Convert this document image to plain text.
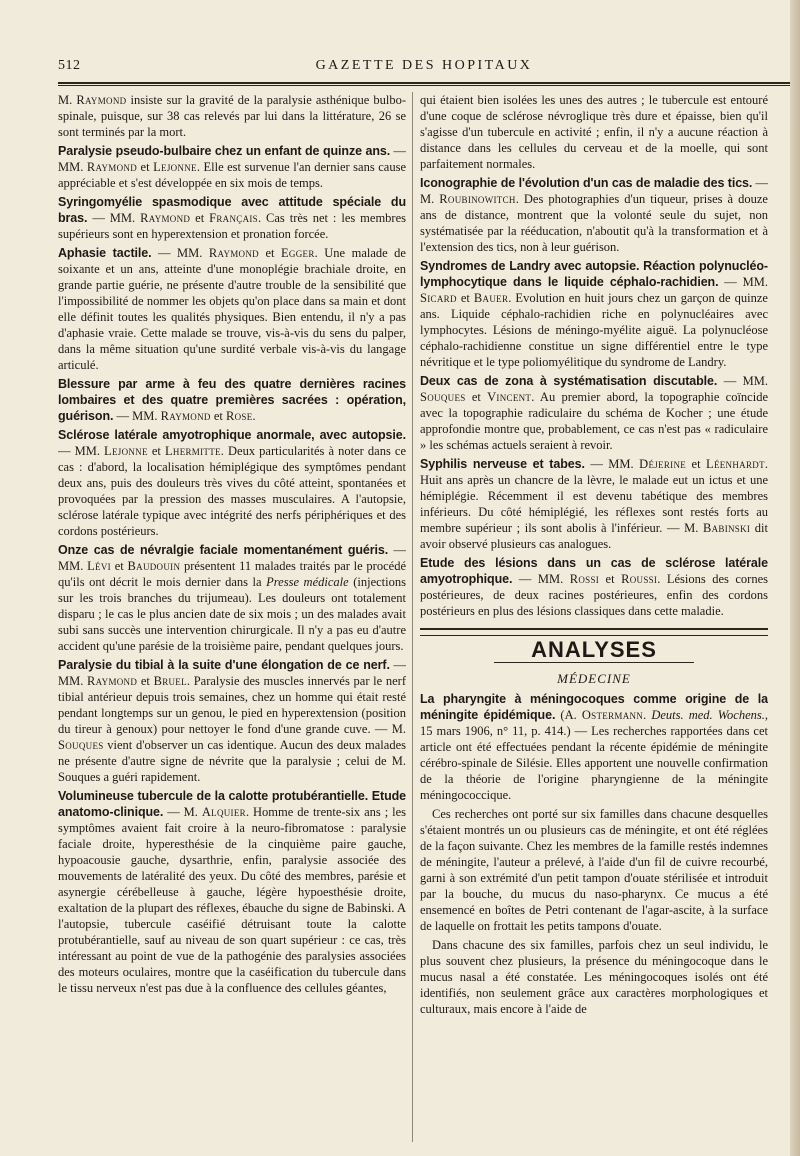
512	GAZETTE DES HOPITAUX

M. Raymond insiste sur la gravité de la paralysie asthénique bulbo-spinale, puisque, sur 38 cas relevés par lui dans la littérature, 26 se sont terminés par la mort.

Paralysie pseudo-bulbaire chez un enfant de quinze ans. — MM. Raymond et Lejonne. Elle est survenue l'an dernier sans cause appréciable et s'est développée en six mois de temps.

Syringomyélie spasmodique avec attitude spéciale du bras. — MM. Raymond et Français. Cas très net : les membres supérieurs sont en hyperextension et pronation forcée.

Aphasie tactile. — MM. Raymond et Egger. Une malade de soixante et un ans, atteinte d'une monoplégie brachiale droite, en grande partie guérie, ne présente d'autre trouble de la sensibilité que l'impossibilité de nommer les objets qu'on place dans sa main et dont elle définit toutes les qualités physiques. Bien entendu, il n'y a pas d'aphasie vraie. Cette malade se trouve, vis-à-vis du sens du palper, dans la même situation qu'une surdité verbale vis-à-vis du langage articulé.

Blessure par arme à feu des quatre dernières racines lombaires et des quatre premières sacrées : opération, guérison. — MM. Raymond et Rose.

Sclérose latérale amyotrophique anormale, avec autopsie. — MM. Lejonne et Lhermitte. Deux particularités à noter dans ce cas : d'abord, la localisation hémiplégique des symptômes pendant deux ans, puis des douleurs très vives du côté atteint, spontanées et provoquées par la pression des masses musculaires. A l'autopsie, sclérose latérale typique avec intégrité des nerfs périphériques et des cordons postérieurs.

Onze cas de névralgie faciale momentanément guéris. — MM. Lévi et Baudouin présentent 11 malades traités par le procédé qu'ils ont décrit le mois dernier dans la Presse médicale (injections sur les trois branches du trijumeau). Les douleurs ont totalement disparu ; le cas le plus ancien date de six mois ; un des malades avait subi sans succès une intervention chirurgicale. Il n'y a pas eu d'autre accident qu'une parésie de la troisième paire, pendant quelques jours.

Paralysie du tibial à la suite d'une élongation de ce nerf. — MM. Raymond et Bruel. Paralysie des muscles innervés par le nerf tibial antérieur depuis trois semaines, chez un homme qui était resté pendant longtemps sur un genou, le pied en hyperextension (position du tireur à genoux) pour nettoyer le fond d'une grande cuve. — M. Souques vient d'observer un cas identique. Aucun des deux malades ne présente d'autre signe de névrite que la paralysie ; celui de M. Souques a guéri rapidement.

Volumineuse tubercule de la calotte protubérantielle. Etude anatomo-clinique. — M. Alquier. Homme de trente-six ans ; les symptômes avaient fait croire à la neuro-fibromatose : paralysie faciale droite, hyperesthésie de la cinquième paire gauche, hypoacousie gauche, dysarthrie, enfin, paralysie associée des mouvements de latéralité des yeux. Du côté des membres, parésie et asynergie cérébelleuse à gauche, légère hypoesthésie droite, exaltation de la plupart des réflexes, ébauche du signe de Babinski. A l'autopsie, tubercule caséifié détruisant toute la calotte protubérantielle, sauf au niveau de son quart supérieur : ce cas, très intéressant au point de vue de la pathogénie des paralysies associées des moteurs oculaires, montre que la caséification du tubercule dans le tissu nerveux n'est pas due à la confluence des cellules géantes,

qui étaient bien isolées les unes des autres ; le tubercule est entouré d'une coque de sclérose névroglique très dure et épaisse, bien qu'il s'agisse d'un tubercule en activité ; enfin, il n'y a aucune réaction à distance dans les cellules du cerveau et de la moelle, qui sont parfaitement normales.

Iconographie de l'évolution d'un cas de maladie des tics. — M. Roubinowitch. Des photographies d'un tiqueur, prises à douze ans de distance, montrent que la volonté seule du sujet, non systématisée par la rééducation, n'aboutit qu'à la transformation et à l'extension des tics, non à leur guérison.

Syndromes de Landry avec autopsie. Réaction polynucléo-lymphocytique dans le liquide céphalo-rachidien. — MM. Sicard et Bauer. Evolution en huit jours chez un garçon de quinze ans. Liquide céphalo-rachidien riche en polynucléaires avec lymphocytes. Lésions de méningo-myélite aiguë. La polynucléose céphalo-rachidienne constitue un signe différentiel entre le type névritique et le type poliomyélitique du syndrome de Landry.

Deux cas de zona à systématisation discutable. — MM. Souques et Vincent. Au premier abord, la topographie coïncide avec la topographie radiculaire du schéma de Kocher ; une étude approfondie montre que, probablement, ce cas n'est pas « radiculaire » les schémas actuels seraient à revoir.

Syphilis nerveuse et tabes. — MM. Déjerine et Léenhardt. Huit ans après un chancre de la lèvre, le malade eut un ictus et une hémiplégie. Récemment il est devenu tabétique des membres inférieurs. Du côté hémiplégié, les réflexes sont restés forts au membre supérieur ; ils sont abolis à l'inférieur. — M. Babinski dit avoir observé plusieurs cas analogues.

Etude des lésions dans un cas de sclérose latérale amyotrophique. — MM. Rossi et Roussi. Lésions des cornes postérieures, de deux racines postérieures, enfin des cordons postérieurs en plus des lésions classiques dans cette maladie.

ANALYSES
MÉDECINE

La pharyngite à méningocoques comme origine de la méningite épidémique. (A. Ostermann. Deuts. med. Wochens., 15 mars 1906, n° 11, p. 414.) — Les recherches rapportées dans cet article ont été effectuées pendant la récente épidémie de méningite cérébro-spinale de Silésie. Elles apportent une nouvelle confirmation de la théorie de l'origine pharyngienne de la méningite méningococcique.

Ces recherches ont porté sur six familles dans chacune desquelles s'étaient montrés un ou plusieurs cas de méningite, et ont été réglées de la façon suivante. Chez les membres de la famille restés indemnes de méningite, l'auteur a prélevé, à l'aide d'un fil de cuivre recourbé, garni à son extrémité d'un petit tampon d'ouate stérilisée et introduit par la bouche, du mucus du naso-pharynx. Ce mucus a été ensemencé en boîtes de Petri contenant de l'agar-ascite, à la surface de laquelle on frottait les petits tampons d'ouate.

Dans chacune des six familles, parfois chez un seul individu, le plus souvent chez plusieurs, la présence du méningocoque dans le mucus nasal a été constatée. Les méningocoques isolés ont été identifiés, non seulement grâce aux caractères morphologiques et culturaux, mais encore à l'aide de
